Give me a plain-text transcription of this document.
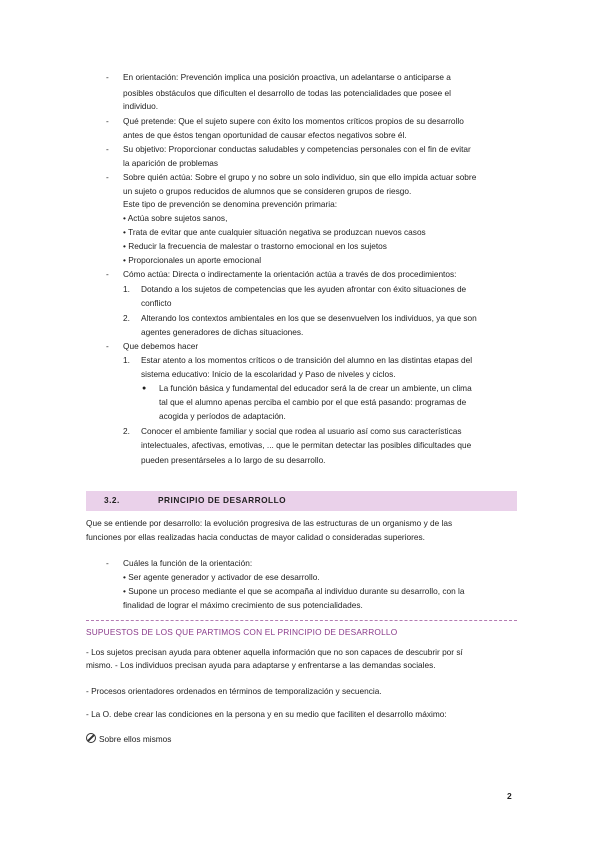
- En orientación: Prevención implica una posición proactiva, un adelantarse o anticiparse a
posibles obstáculos que dificulten el desarrollo de todas las potencialidades que posee el
individuo.
- Qué pretende: Que el sujeto supere con éxito los momentos críticos propios de su desarrollo
antes de que éstos tengan oportunidad de causar efectos negativos sobre él.
- Su objetivo: Proporcionar conductas saludables y competencias personales con el fin de evitar
la aparición de problemas
- Sobre quién actúa: Sobre el grupo y no sobre un solo individuo, sin que ello impida actuar sobre
un sujeto o grupos reducidos de alumnos que se consideren grupos de riesgo.
Este tipo de prevención se denomina prevención primaria:
• Actúa sobre sujetos sanos,
• Trata de evitar que ante cualquier situación negativa se produzcan nuevos casos
• Reducir la frecuencia de malestar o trastorno emocional en los sujetos
• Proporcionales un aporte emocional
- Cómo actúa: Directa o indirectamente la orientación actúa a través de dos procedimientos:
1. Dotando a los sujetos de competencias que les ayuden afrontar con éxito situaciones de
conflicto
2. Alterando los contextos ambientales en los que se desenvuelven los individuos, ya que son
agentes generadores de dichas situaciones.
- Que debemos hacer
1. Estar atento a los momentos críticos o de transición del alumno en las distintas etapas del
sistema educativo: Inicio de la escolaridad y Paso de niveles y ciclos.
● La función básica y fundamental del educador será la de crear un ambiente, un clima
tal que el alumno apenas perciba el cambio por el que está pasando: programas de
acogida y períodos de adaptación.
2. Conocer el ambiente familiar y social que rodea al usuario así como sus características
intelectuales, afectivas, emotivas, ... que le permitan detectar las posibles dificultades que
pueden presentárseles a lo largo de su desarrollo.
3.2.	PRINCIPIO DE DESARROLLO
Que se entiende por desarrollo: la evolución progresiva de las estructuras de un organismo y de las
funciones por ellas realizadas hacia conductas de mayor calidad o consideradas superiores.
- Cuáles la función de la orientación:
• Ser agente generador y activador de ese desarrollo.
• Supone un proceso mediante el que se acompaña al individuo durante su desarrollo, con la
finalidad de lograr el máximo crecimiento de sus potencialidades.
SUPUESTOS DE LOS QUE PARTIMOS CON EL PRINCIPIO DE DESARROLLO
- Los sujetos precisan ayuda para obtener aquella información que no son capaces de descubrir por sí
mismo. - Los individuos precisan ayuda para adaptarse y enfrentarse a las demandas sociales.
- Procesos orientadores ordenados en términos de temporalización y secuencia.
- La O. debe crear las condiciones en la persona y en su medio que faciliten el desarrollo máximo:
Sobre ellos mismos
2
